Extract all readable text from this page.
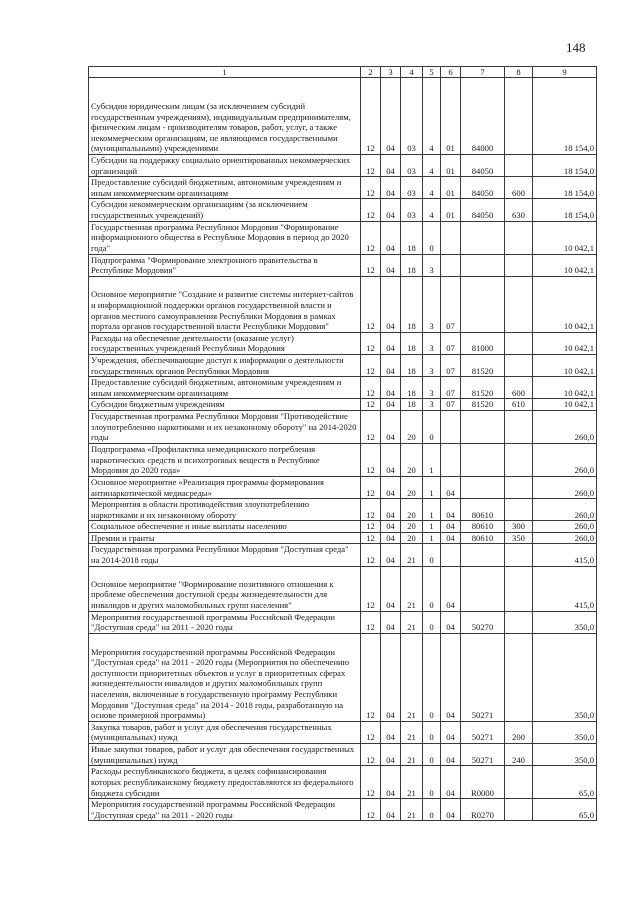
148
1	2	3	4	5	6	7	8	9
Субсидии юридическим лицам (за исключением субсидий государственным учреждениям), индивидуальным предпринимателям, физическим лицам - производителям товаров, работ, услуг, а также некоммерческим организациям, не являющимся государственными (муниципальными) учреждениями	12	04	03	4	01	84000		18 154,0
Субсидии на поддержку социально ориентированных некоммерческих организаций	12	04	03	4	01	84050		18 154,0
Предоставление субсидий бюджетным, автономным учреждениям и иным некоммерческим организациям	12	04	03	4	01	84050	600	18 154,0
Субсидии некоммерческим организациям (за исключением государственных учреждений)	12	04	03	4	01	84050	630	18 154,0
Государственная программа Республики Мордовия "Формирование информационного общества в Республике Мордовия в период до 2020 года"	12	04	18	0				10 042,1
Подпрограмма "Формирование электронного правительства в Республике Мордовия"	12	04	18	3				10 042,1
Основное мероприятие "Создание и развитие системы интернет-сайтов и информационной поддержки органов государственной власти и органов местного самоуправления Республики Мордовия в рамках портала органов государственной власти Республики Мордовия"	12	04	18	3	07			10 042,1
Расходы на обеспечение деятельности (оказание услуг) государственных учреждений Республики Мордовия	12	04	18	3	07	81000		10 042,1
Учреждения, обеспечивающие доступ к информации о деятельности государственных органов Республики Мордовия	12	04	18	3	07	81520		10 042,1
Предоставление субсидий бюджетным, автономным учреждениям и иным некоммерческим организациям	12	04	18	3	07	81520	600	10 042,1
Субсидии бюджетным учреждениям	12	04	18	3	07	81520	610	10 042,1
Государственная программа Республики Мордовия "Противодействие злоупотреблению наркотиками и их незаконному обороту" на 2014-2020 годы	12	04	20	0				260,0
Подпрограмма «Профилактика немедицинского потребления наркотических средств и психотропных веществ в Республике Мордовия до 2020 года»	12	04	20	1				260,0
Основное мероприятие «Реализация программы формирования антинаркотической медиасреды»	12	04	20	1	04			260,0
Мероприятия в области противодействия злоупотреблению наркотиками и их незаконному обороту	12	04	20	1	04	80610		260,0
Социальное обеспечение и иные выплаты населению	12	04	20	1	04	80610	300	260,0
Премии и гранты	12	04	20	1	04	80610	350	260,0
Государственная программа Республики Мордовия "Доступная среда" на 2014-2018 годы	12	04	21	0				415,0
Основное мероприятие "Формирование позитивного отношения к проблеме обеспечения доступной среды жизнедеятельности для инвалидов и других маломобильных групп населения"	12	04	21	0	04			415,0
Мероприятия государственной программы Российской Федерации "Доступная среда" на 2011 - 2020 годы	12	04	21	0	04	50270		350,0
Мероприятия государственной программы Российской Федерации "Доступная среда" на 2011 - 2020 годы (Мероприятия по обеспечению доступности приоритетных объектов и услуг в приоритетных сферах жизнедеятельности инвалидов и других маломобильных групп населения, включенные в государственную программу Республики Мордовия "Доступная среда" на 2014 - 2018 годы, разработанную на основе примерной программы)	12	04	21	0	04	50271		350,0
Закупка товаров, работ и услуг для обеспечения государственных (муниципальных) нужд	12	04	21	0	04	50271	200	350,0
Иные закупки товаров, работ и услуг для обеспечения государственных (муниципальных) нужд	12	04	21	0	04	50271	240	350,0
Расходы республиканского бюджета, в целях софинансирования которых республиканскому бюджету предоставляются из федерального бюджета субсидии	12	04	21	0	04	R0000		65,0
Мероприятия государственной программы Российской Федерации "Доступная среда" на 2011 - 2020 годы	12	04	21	0	04	R0270		65,0
